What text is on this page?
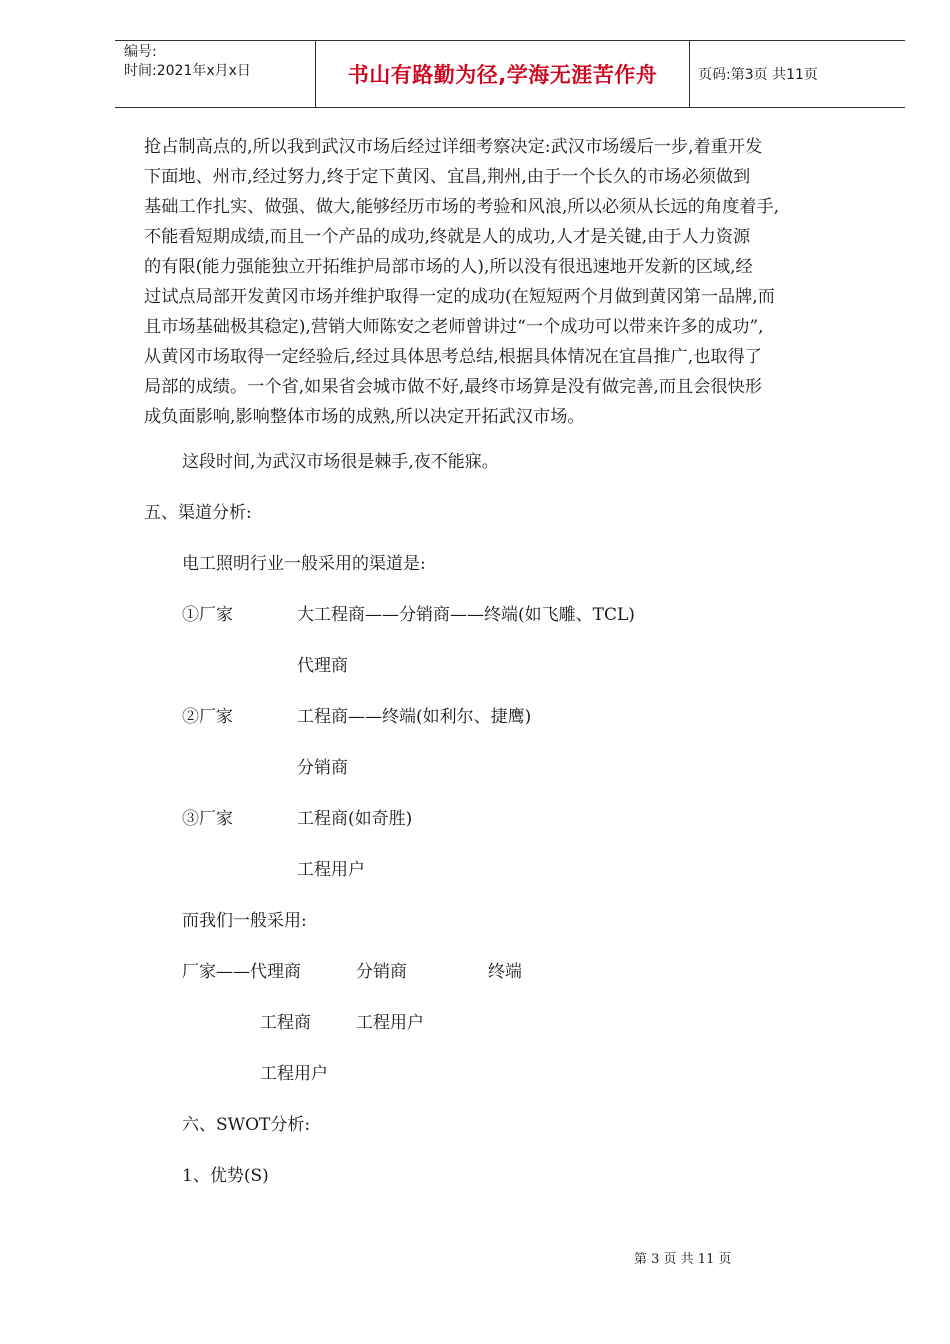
编号:
时间:2021年x月x日	书山有路勤为径,学海无涯苦作舟	页码:第3页 共11页
抢占制高点的,所以我到武汉市场后经过详细考察决定:武汉市场缓后一步,着重开发
下面地、州市,经过努力,终于定下黄冈、宜昌,荆州,由于一个长久的市场必须做到
基础工作扎实、做强、做大,能够经历市场的考验和风浪,所以必须从长远的角度着手,
不能看短期成绩,而且一个产品的成功,终就是人的成功,人才是关键,由于人力资源
的有限(能力强能独立开拓维护局部市场的人),所以没有很迅速地开发新的区域,经
过试点局部开发黄冈市场并维护取得一定的成功(在短短两个月做到黄冈第一品牌,而
且市场基础极其稳定),营销大师陈安之老师曾讲过“一个成功可以带来许多的成功”,
从黄冈市场取得一定经验后,经过具体思考总结,根据具体情况在宜昌推广,也取得了
局部的成绩。一个省,如果省会城市做不好,最终市场算是没有做完善,而且会很快形
成负面影响,影响整体市场的成熟,所以决定开拓武汉市场。
这段时间,为武汉市场很是棘手,夜不能寐。
五、渠道分析:
电工照明行业一般采用的渠道是:
①厂家	大工程商——分销商——终端(如飞雕、TCL)
代理商
②厂家	工程商——终端(如利尔、捷鹰)
分销商
③厂家	工程商(如奇胜)
工程用户
而我们一般采用:
厂家——代理商	分销商	终端
工程商	工程用户
工程用户
六、SWOT分析:
1、优势(S)
第 3 页 共 11 页
